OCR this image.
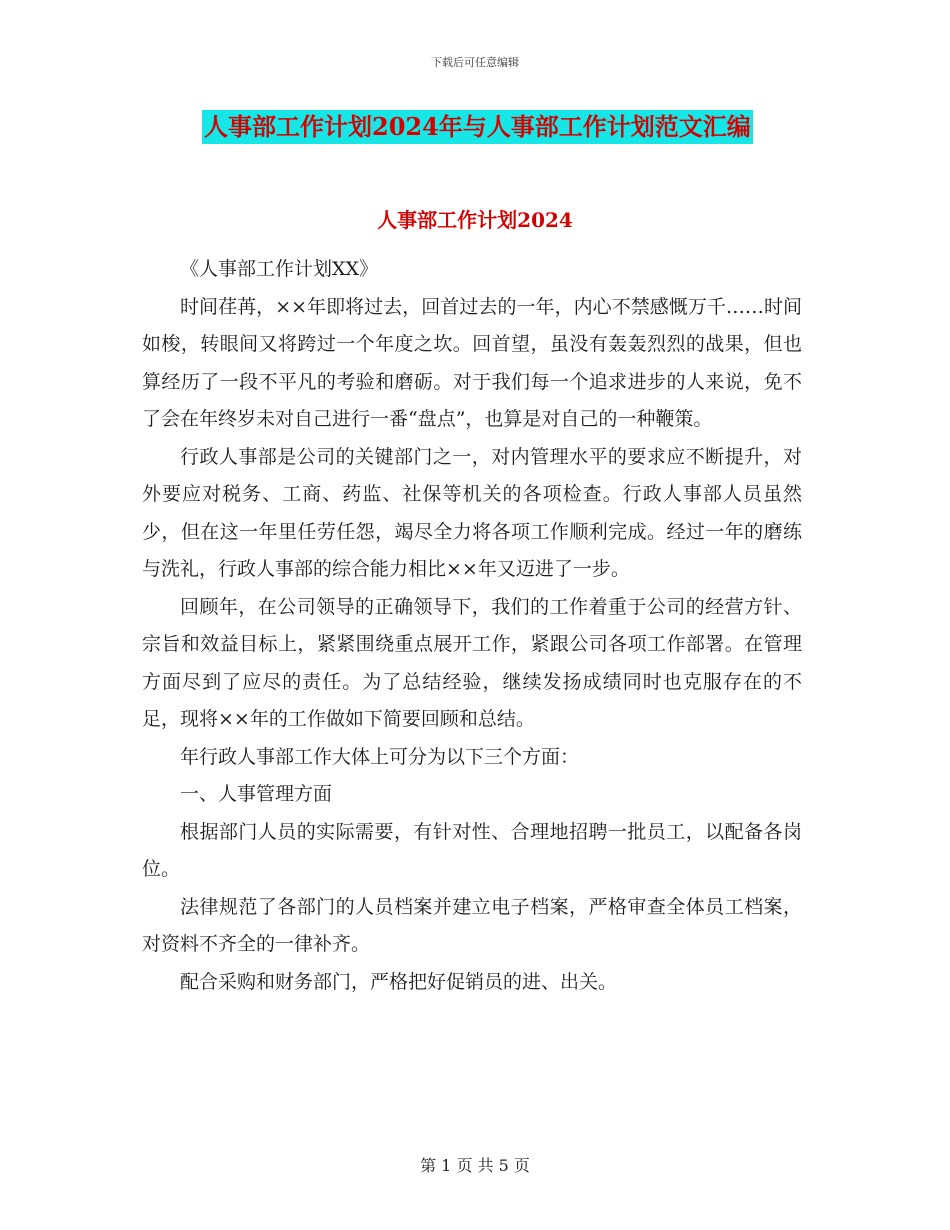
下载后可任意编辑
人事部工作计划2024年与人事部工作计划范文汇编
人事部工作计划2024

《人事部工作计划XX》

时间荏苒，××年即将过去，回首过去的一年，内心不禁感慨万千……时间如梭，转眼间又将跨过一个年度之坎。回首望，虽没有轰轰烈烈的战果，但也算经历了一段不平凡的考验和磨砺。对于我们每一个追求进步的人来说，免不了会在年终岁未对自己进行一番“盘点”，也算是对自己的一种鞭策。

行政人事部是公司的关键部门之一，对内管理水平的要求应不断提升，对外要应对税务、工商、药监、社保等机关的各项检查。行政人事部人员虽然少，但在这一年里任劳任怨，竭尽全力将各项工作顺利完成。经过一年的磨练与洗礼，行政人事部的综合能力相比××年又迈进了一步。

回顾年，在公司领导的正确领导下，我们的工作着重于公司的经营方针、宗旨和效益目标上，紧紧围绕重点展开工作，紧跟公司各项工作部署。在管理方面尽到了应尽的责任。为了总结经验，继续发扬成绩同时也克服存在的不足，现将××年的工作做如下简要回顾和总结。

年行政人事部工作大体上可分为以下三个方面：

一、人事管理方面

根据部门人员的实际需要，有针对性、合理地招聘一批员工，以配备各岗位。

法律规范了各部门的人员档案并建立电子档案，严格审查全体员工档案，对资料不齐全的一律补齐。

配合采购和财务部门，严格把好促销员的进、出关。

第 1 页 共 5 页
